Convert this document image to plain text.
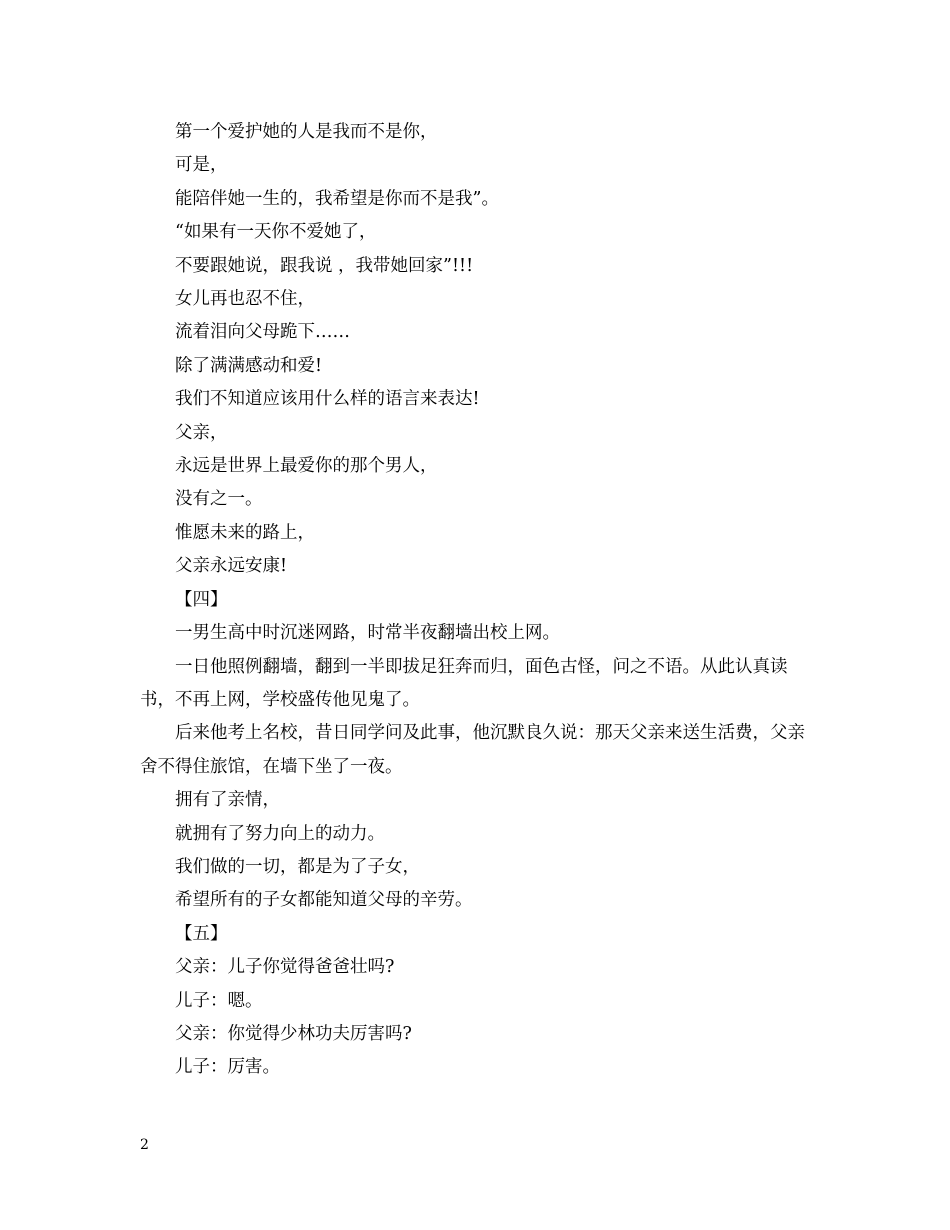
第一个爱护她的人是我而不是你，

可是，

能陪伴她一生的，我希望是你而不是我”。

“如果有一天你不爱她了，

不要跟她说，跟我说 ，我带她回家”!!!

女儿再也忍不住，

流着泪向父母跪下……

除了满满感动和爱!

我们不知道应该用什么样的语言来表达!

父亲，

永远是世界上最爱你的那个男人，

没有之一。

惟愿未来的路上，

父亲永远安康!

【四】

一男生高中时沉迷网路，时常半夜翻墙出校上网。

一日他照例翻墙，翻到一半即拔足狂奔而归，面色古怪，问之不语。从此认真读书，不再上网，学校盛传他见鬼了。

后来他考上名校，昔日同学问及此事，他沉默良久说：那天父亲来送生活费，父亲舍不得住旅馆，在墙下坐了一夜。

拥有了亲情，

就拥有了努力向上的动力。

我们做的一切，都是为了子女，

希望所有的子女都能知道父母的辛劳。

【五】

父亲：儿子你觉得爸爸壮吗?

儿子：嗯。

父亲：你觉得少林功夫厉害吗?

儿子：厉害。

2
